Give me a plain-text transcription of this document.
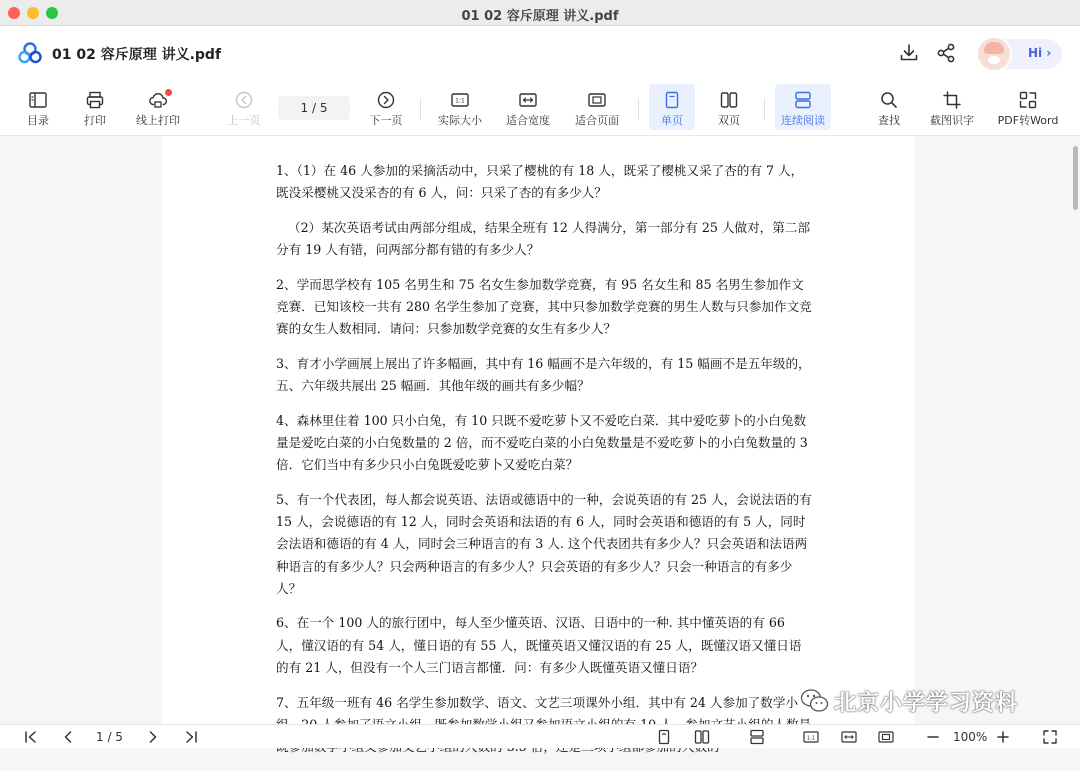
01 02 容斥原理 讲义.pdf
01 02 容斥原理 讲义.pdf	Hi ›
目录	打印	线上打印	上一页
1 / 5
下一页
1:1
实际大小	适合宽度	适合页面	单页	双页	连续阅读	查找	截图识字	PDF转Word

1、（1）在 46 人参加的采摘活动中，只采了樱桃的有 18 人，既采了樱桃又采了杏的有 7 人，既没采樱桃又没采杏的有 6 人，问：只采了杏的有多少人？

（2）某次英语考试由两部分组成，结果全班有 12 人得满分，第一部分有 25 人做对，第二部分有 19 人有错，问两部分都有错的有多少人？

2、学而思学校有 105 名男生和 75 名女生参加数学竞赛，有 95 名女生和 85 名男生参加作文竞赛．已知该校一共有 280 名学生参加了竞赛，其中只参加数学竞赛的男生人数与只参加作文竞赛的女生人数相同．请问：只参加数学竞赛的女生有多少人？

3、育才小学画展上展出了许多幅画，其中有 16 幅画不是六年级的，有 15 幅画不是五年级的，五、六年级共展出 25 幅画．其他年级的画共有多少幅？

4、森林里住着 100 只小白兔，有 10 只既不爱吃萝卜又不爱吃白菜．其中爱吃萝卜的小白兔数量是爱吃白菜的小白兔数量的 2 倍，而不爱吃白菜的小白兔数量是不爱吃萝卜的小白兔数量的 3 倍．它们当中有多少只小白兔既爱吃萝卜又爱吃白菜？

5、有一个代表团，每人都会说英语、法语或德语中的一种，会说英语的有 25 人，会说法语的有 15 人，会说德语的有 12 人，同时会英语和法语的有 6 人，同时会英语和德语的有 5 人，同时会法语和德语的有 4 人，同时会三种语言的有 3 人. 这个代表团共有多少人？只会英语和法语两种语言的有多少人？只会两种语言的有多少人？只会英语的有多少人？只会一种语言的有多少人？

6、在一个 100 人的旅行团中，每人至少懂英语、汉语、日语中的一种. 其中懂英语的有 66 人，懂汉语的有 54 人，懂日语的有 55 人，既懂英语又懂汉语的有 25 人，既懂汉语又懂日语的有 21 人，但没有一个人三门语言都懂．问：有多少人既懂英语又懂日语？

7、五年级一班有 46 名学生参加数学、语文、文艺三项课外小组．其中有 24 人参加了数学小	北京小学学习资料
1 / 5	1:1	100%
